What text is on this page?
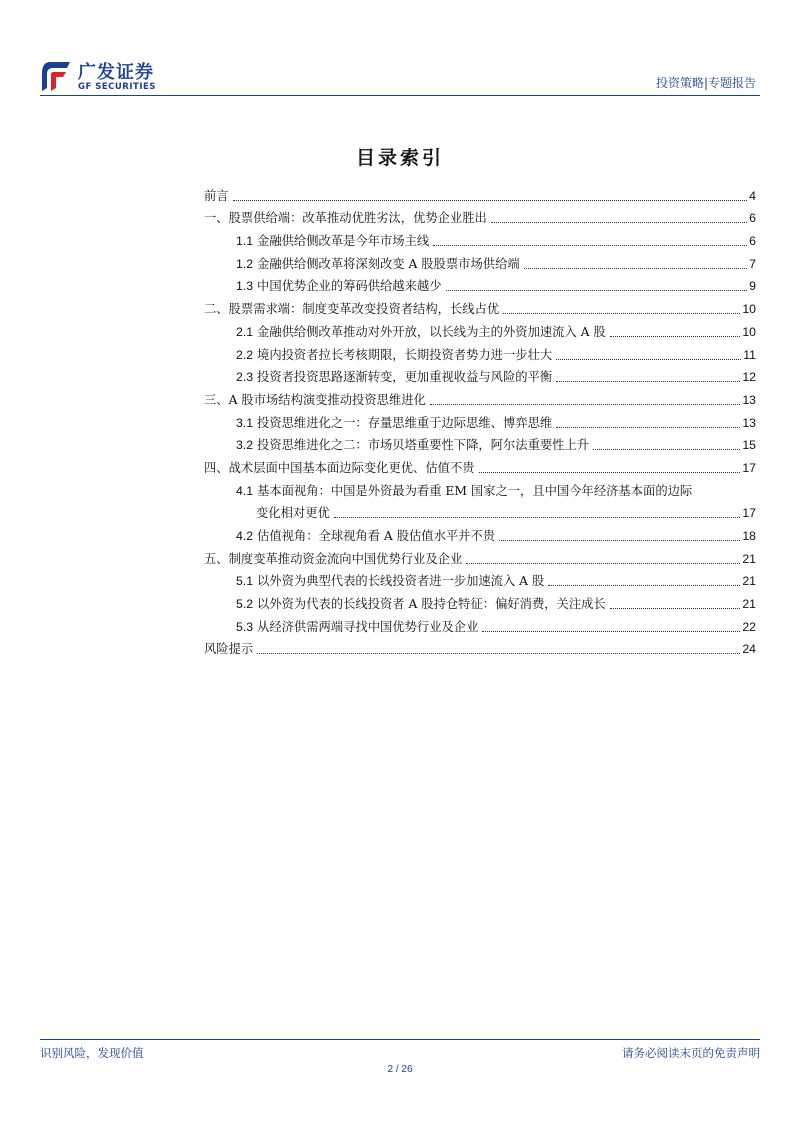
广发证券
GF SECURITIES	投资策略|专题报告
目录索引
前言	4
一、股票供给端：改革推动优胜劣汰，优势企业胜出	6
1.1 金融供给侧改革是今年市场主线	6
1.2 金融供给侧改革将深刻改变 A 股股票市场供给端	7
1.3 中国优势企业的筹码供给越来越少	9
二、股票需求端：制度变革改变投资者结构，长线占优	10
2.1 金融供给侧改革推动对外开放，以长线为主的外资加速流入 A 股	10
2.2 境内投资者拉长考核期限，长期投资者势力进一步壮大	11
2.3 投资者投资思路逐渐转变，更加重视收益与风险的平衡	12
三、A 股市场结构演变推动投资思维进化	13
3.1 投资思维进化之一：存量思维重于边际思维、博弈思维	13
3.2 投资思维进化之二：市场贝塔重要性下降，阿尔法重要性上升	15
四、战术层面中国基本面边际变化更优、估值不贵	17
4.1 基本面视角：中国是外资最为看重 EM 国家之一，且中国今年经济基本面的边际
变化相对更优	17
4.2 估值视角：全球视角看 A 股估值水平并不贵	18
五、制度变革推动资金流向中国优势行业及企业	21
5.1 以外资为典型代表的长线投资者进一步加速流入 A 股	21
5.2 以外资为代表的长线投资者 A 股持仓特征：偏好消费，关注成长	21
5.3 从经济供需两端寻找中国优势行业及企业	22
风险提示	24
识别风险，发现价值	请务必阅读末页的免责声明
2 / 26
